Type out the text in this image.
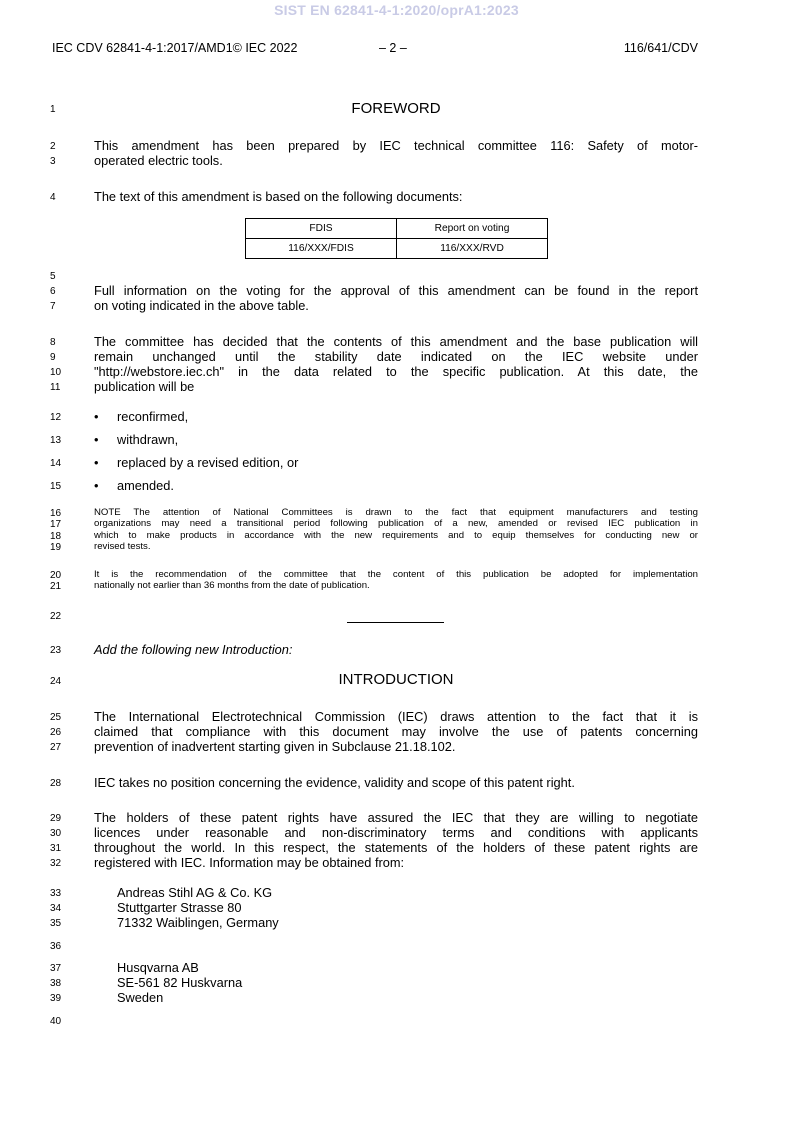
SIST EN 62841-4-1:2020/oprA1:2023
IEC CDV 62841-4-1:2017/AMD1© IEC 2022	– 2 –	116/641/CDV
1
2
3
4
5
6
7
8
9
10
11
12
13
14
15
16
17
18
19
20
21
22
23
24
25
26
27
28
29
30
31
32
33
34
35
36
37
38
39
40
FOREWORD
This amendment has been prepared by IEC technical committee 116: Safety of motor-
operated electric tools.
The text of this amendment is based on the following documents:
FDIS	Report on voting
116/XXX/FDIS	116/XXX/RVD
Full information on the voting for the approval of this amendment can be found in the report
on voting indicated in the above table.
The committee has decided that the contents of this amendment and the base publication will
remain unchanged until the stability date indicated on the IEC website under
"http://webstore.iec.ch" in the data related to the specific publication. At this date, the
publication will be
• reconfirmed,
• withdrawn,
• replaced by a revised edition, or
• amended.
NOTE The attention of National Committees is drawn to the fact that equipment manufacturers and testing
organizations may need a transitional period following publication of a new, amended or revised IEC publication in
which to make products in accordance with the new requirements and to equip themselves for conducting new or
revised tests.
It is the recommendation of the committee that the content of this publication be adopted for implementation
nationally not earlier than 36 months from the date of publication.
Add the following new Introduction:
INTRODUCTION
The International Electrotechnical Commission (IEC) draws attention to the fact that it is
claimed that compliance with this document may involve the use of patents concerning
prevention of inadvertent starting given in Subclause 21.18.102.
IEC takes no position concerning the evidence, validity and scope of this patent right.
The holders of these patent rights have assured the IEC that they are willing to negotiate
licences under reasonable and non-discriminatory terms and conditions with applicants
throughout the world. In this respect, the statements of the holders of these patent rights are
registered with IEC. Information may be obtained from:
Andreas Stihl AG & Co. KG
Stuttgarter Strasse 80
71332 Waiblingen, Germany
Husqvarna AB
SE-561 82 Huskvarna
Sweden
